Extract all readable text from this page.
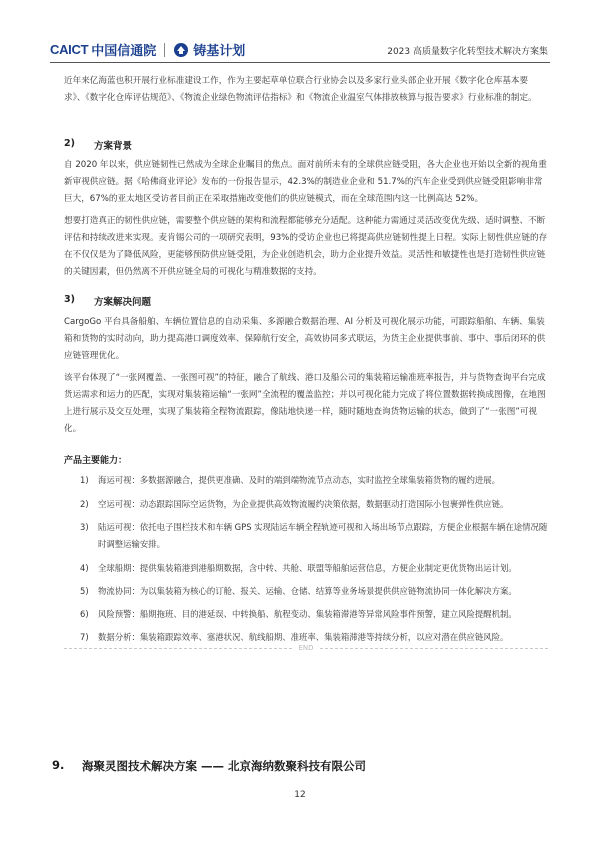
CAICT 中国信通院	铸基计划	2023 高质量数字化转型技术解决方案集
近年来亿海蓝也积开展行业标准建设工作，作为主要起草单位联合行业协会以及多家行业头部企业开展《数字化仓库基本要求》、《数字化仓库评估规范》、《物流企业绿色物流评估指标》和《物流企业温室气体排放核算与报告要求》行业标准的制定。
2)	方案背景
自 2020 年以来，供应链韧性已然成为全球企业瞩目的焦点。面对前所未有的全球供应链受阻，各大企业也开始以全新的视角重新审视供应链。据《哈佛商业评论》发布的一份报告显示，42.3%的制造业企业和 51.7%的汽车企业受到供应链受阻影响非常巨大，67%的亚太地区受访者目前正在采取措施改变他们的供应链模式，而在全球范围内这一比例高达 52%。
想要打造真正的韧性供应链，需要整个供应链的架构和流程都能够充分适配。这种能力需通过灵活改变优先级、适时调整、不断评估和持续改进来实现。麦肯锡公司的一项研究表明，93%的受访企业也已将提高供应链韧性提上日程。实际上韧性供应链的存在不仅仅是为了降低风险，更能够预防供应链受阻，为企业创造机会，助力企业提升效益。灵活性和敏捷性也是打造韧性供应链的关键因素，但仍然离不开供应链全局的可视化与精准数据的支持。
3)	方案解决问题
CargoGo 平台具备船舶、车辆位置信息的自动采集、多源融合数据治理、AI 分析及可视化展示功能，可跟踪船舶、车辆、集装箱和货物的实时动向，助力提高港口调度效率、保障航行安全，高效协同多式联运，为货主企业提供事前、事中、事后闭环的供应链管理优化。
该平台体现了“一张网覆盖、一张图可视”的特征，融合了航线、港口及船公司的集装箱运输准班率报告，并与货物查询平台完成货运需求和运力的匹配，实现对集装箱运输“一张网”全流程的覆盖监控；并以可视化能力完成了将位置数据转换成图像，在地图上进行展示及交互处理，实现了集装箱全程物流跟踪，像陆地快递一样，随时随地查询货物运输的状态，做到了“一张图”可视化。
产品主要能力：
1)	海运可视：多数据源融合，提供更准确、及时的端到端物流节点动态，实时监控全球集装箱货物的履约进展。
2)	空运可视：动态跟踪国际空运货物，为企业提供高效物流履约决策依据，数据驱动打造国际小包裹弹性供应链。
3)	陆运可视：依托电子围栏技术和车辆 GPS 实现陆运车辆全程轨迹可视和入场出场节点跟踪，方便企业根据车辆在途情况随时调整运输安排。
4)	全球船期：提供集装箱港到港船期数据，含中转、共舱、联盟等船舶运营信息，方便企业制定更优货物出运计划。
5)	物流协同：为以集装箱为核心的订舱、报关、运输、仓储、结算等业务场景提供供应链物流协同一体化解决方案。
6)	风险预警：船期拖班、目的港延误、中转换船、航程变动、集装箱滞港等异常风险事件预警，建立风险提醒机制。
7)	数据分析：集装箱跟踪效率、塞港状况、航线船期、准班率、集装箱滞港等持续分析，以应对潜在供应链风险。
END
9.	海聚灵图技术解决方案 —— 北京海纳数聚科技有限公司
12
